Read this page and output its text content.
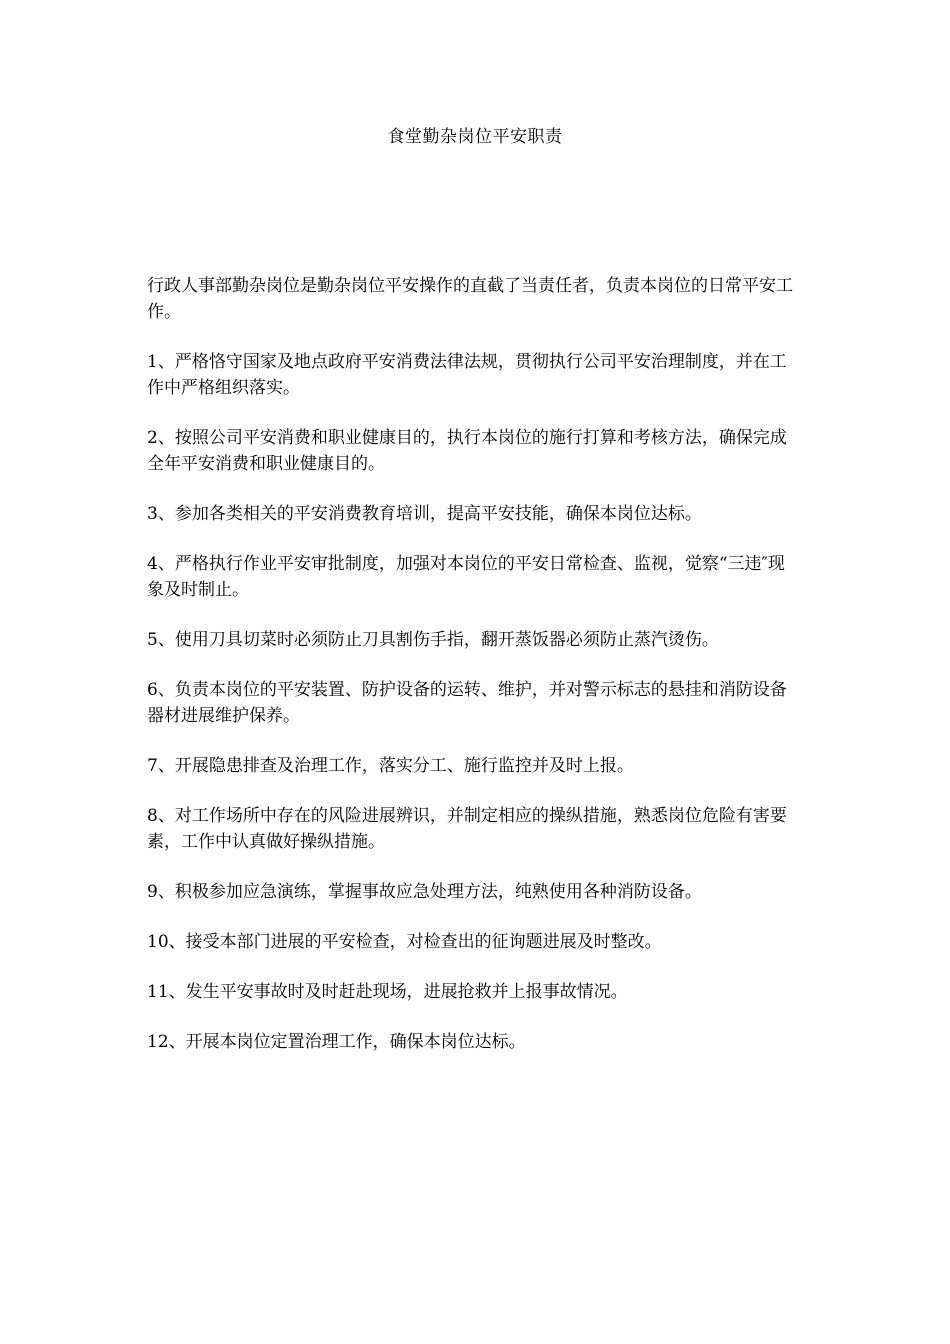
食堂勤杂岗位平安职责

行政人事部勤杂岗位是勤杂岗位平安操作的直截了当责任者，负责本岗位的日常平安工作。

1、严格恪守国家及地点政府平安消费法律法规，贯彻执行公司平安治理制度，并在工作中严格组织落实。

2、按照公司平安消费和职业健康目的，执行本岗位的施行打算和考核方法，确保完成全年平安消费和职业健康目的。

3、参加各类相关的平安消费教育培训，提高平安技能，确保本岗位达标。

4、严格执行作业平安审批制度，加强对本岗位的平安日常检查、监视，觉察“三违″现象及时制止。

5、使用刀具切菜时必须防止刀具割伤手指，翻开蒸饭器必须防止蒸汽烫伤。

6、负责本岗位的平安装置、防护设备的运转、维护，并对警示标志的悬挂和消防设备器材进展维护保养。

7、开展隐患排查及治理工作，落实分工、施行监控并及时上报。

8、对工作场所中存在的风险进展辨识，并制定相应的操纵措施，熟悉岗位危险有害要素，工作中认真做好操纵措施。

9、积极参加应急演练，掌握事故应急处理方法，纯熟使用各种消防设备。

10、接受本部门进展的平安检查，对检查出的征询题进展及时整改。

11、发生平安事故时及时赶赴现场，进展抢救并上报事故情况。

12、开展本岗位定置治理工作，确保本岗位达标。
